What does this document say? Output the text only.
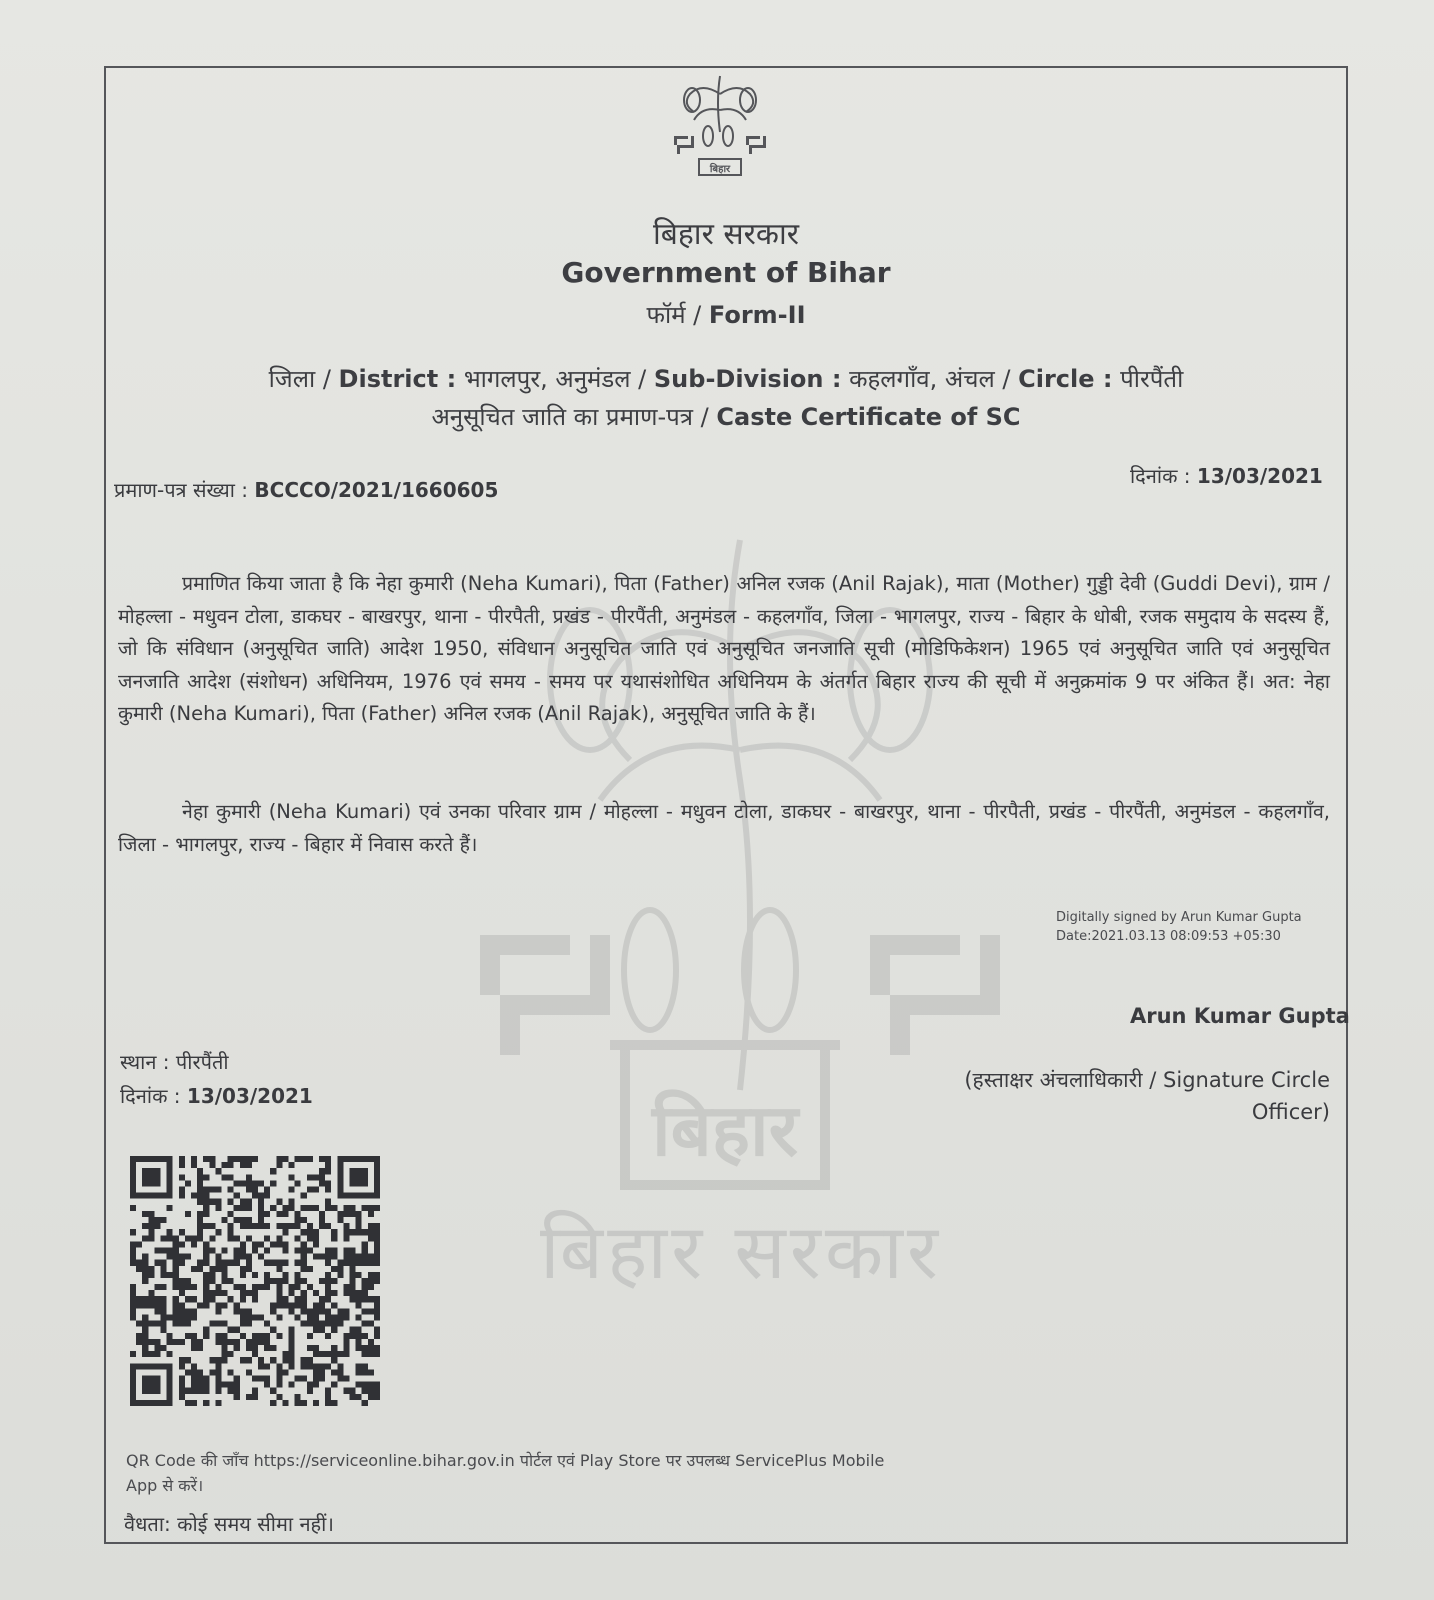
बिहार
बिहार सरकार
बिहार
बिहार सरकार
Government of Bihar
फॉर्म / Form-II
जिला / District : भागलपुर, अनुमंडल / Sub-Division : कहलगाँव, अंचल / Circle : पीरपैंती
अनुसूचित जाति का प्रमाण-पत्र / Caste Certificate of SC
प्रमाण-पत्र संख्या : BCCCO/2021/1660605
दिनांक : 13/03/2021
प्रमाणित किया जाता है कि नेहा कुमारी (Neha Kumari), पिता (Father) अनिल रजक (Anil Rajak), माता (Mother) गुड्डी देवी (Guddi Devi), ग्राम / मोहल्ला - मधुवन टोला, डाकघर - बाखरपुर, थाना - पीरपैती, प्रखंड - पीरपैंती, अनुमंडल - कहलगाँव, जिला - भागलपुर, राज्य - बिहार के धोबी, रजक समुदाय के सदस्य हैं, जो कि संविधान (अनुसूचित जाति) आदेश 1950, संविधान अनुसूचित जाति एवं अनुसूचित जनजाति सूची (मोडिफिकेशन) 1965 एवं अनुसूचित जाति एवं अनुसूचित जनजाति आदेश (संशोधन) अधिनियम, 1976 एवं समय - समय पर यथासंशोधित अधिनियम के अंतर्गत बिहार राज्य की सूची में अनुक्रमांक 9 पर अंकित हैं। अत: नेहा कुमारी (Neha Kumari), पिता (Father) अनिल रजक (Anil Rajak), अनुसूचित जाति के हैं।
नेहा कुमारी (Neha Kumari) एवं उनका परिवार ग्राम / मोहल्ला - मधुवन टोला, डाकघर - बाखरपुर, थाना - पीरपैती, प्रखंड - पीरपैंती, अनुमंडल - कहलगाँव, जिला - भागलपुर, राज्य - बिहार में निवास करते हैं।
Digitally signed by Arun Kumar Gupta
Date:2021.03.13 08:09:53 +05:30
Arun Kumar Gupta
(हस्ताक्षर अंचलाधिकारी / Signature Circle Officer)
स्थान : पीरपैंती
दिनांक : 13/03/2021
QR Code की जाँच https://serviceonline.bihar.gov.in पोर्टल एवं Play Store पर उपलब्ध ServicePlus Mobile App से करें।
वैधता: कोई समय सीमा नहीं।
